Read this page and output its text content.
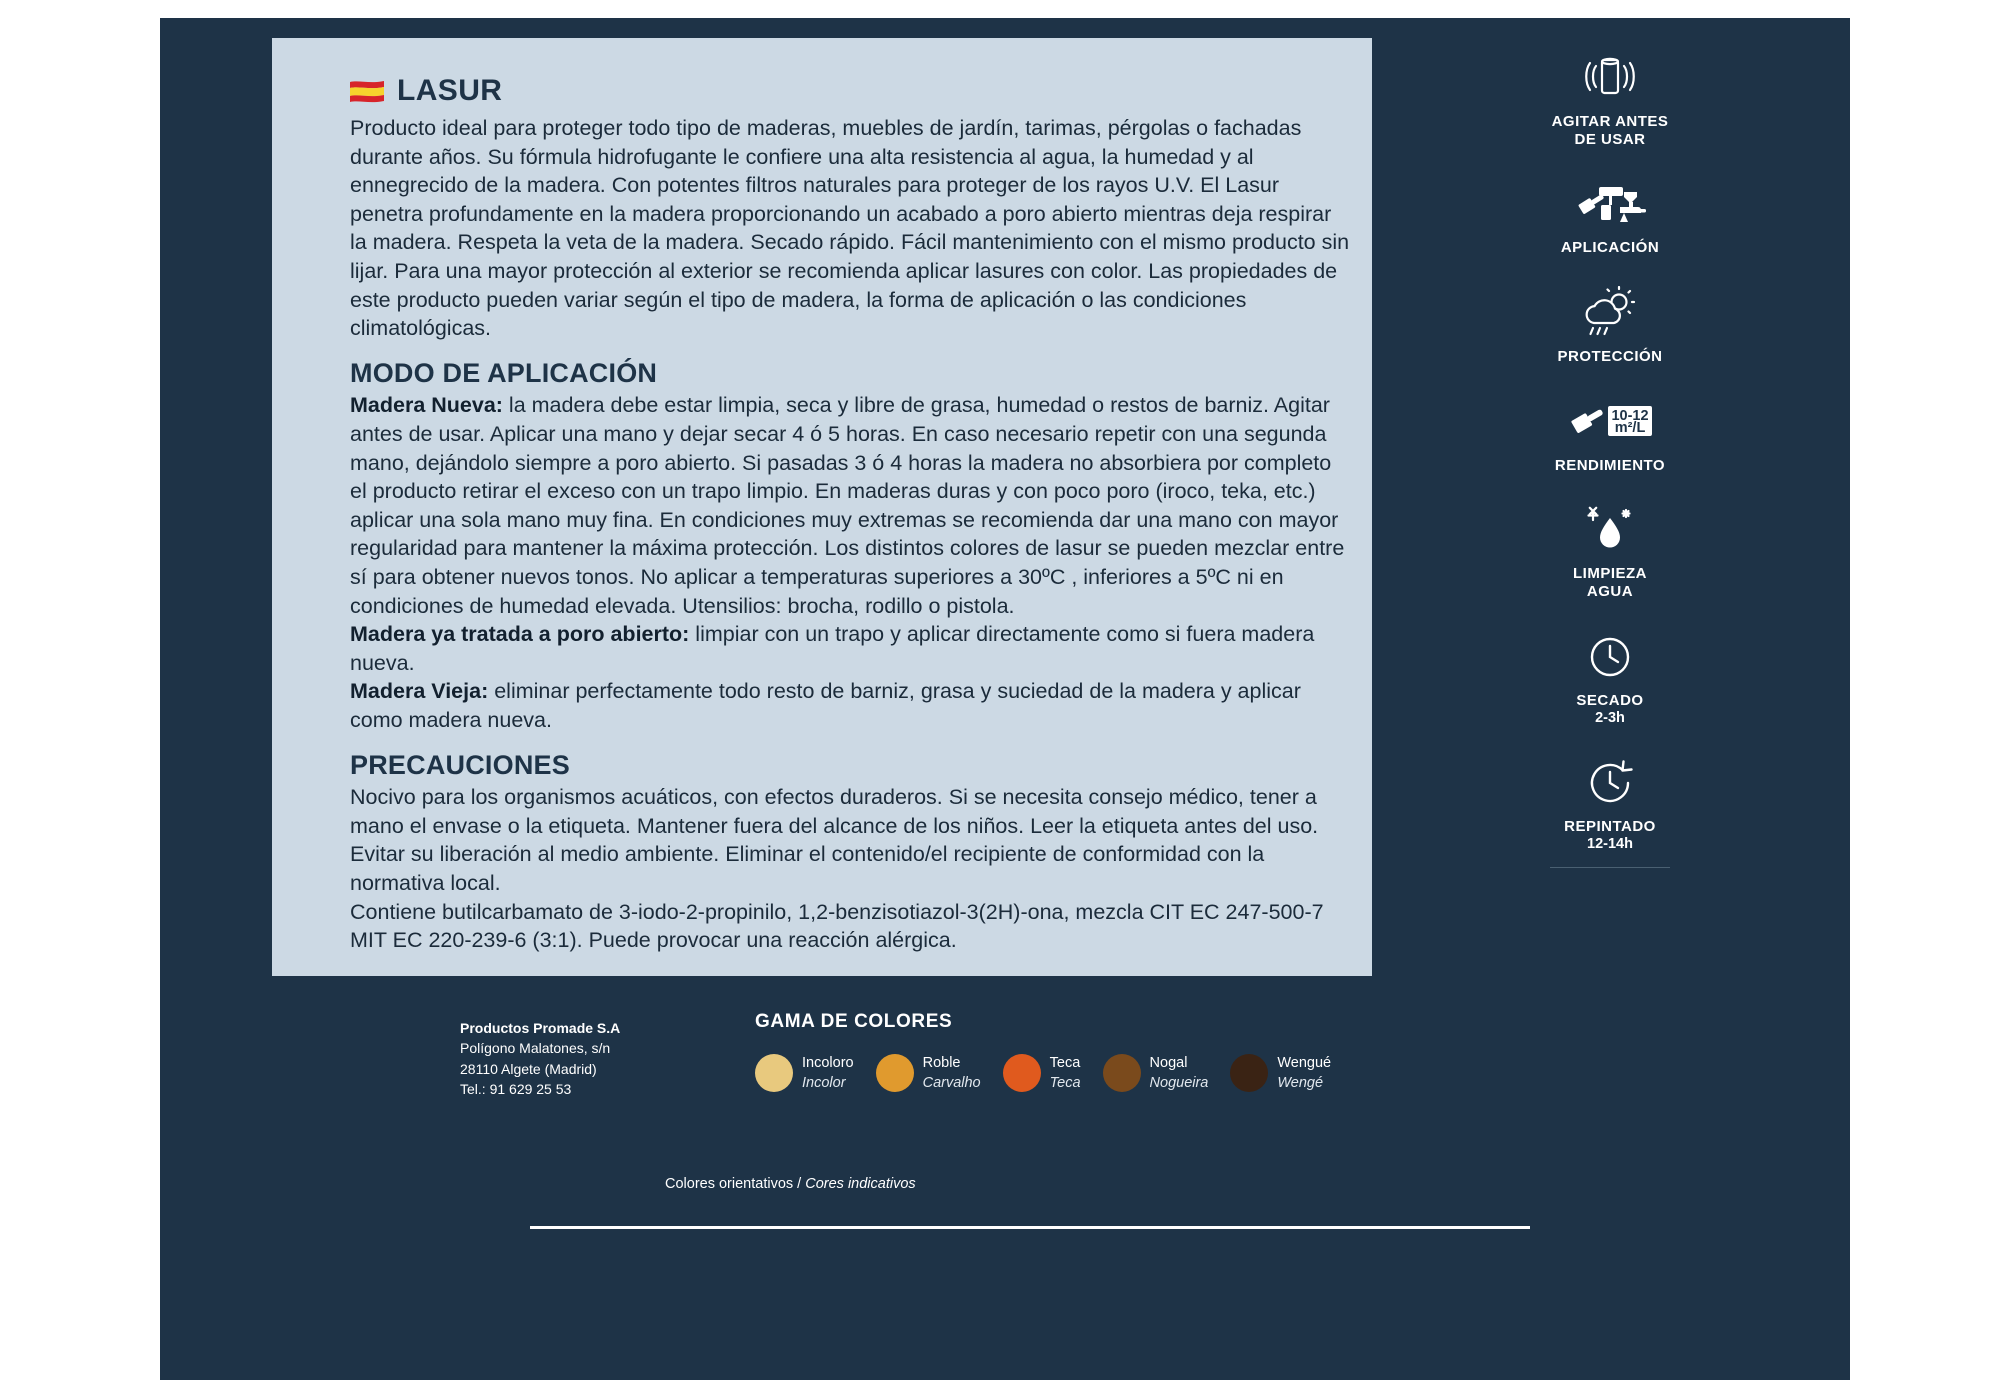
LASUR
Producto ideal para proteger todo tipo de maderas, muebles de jardín, tarimas, pérgolas o fachadas durante años. Su fórmula hidrofugante le confiere una alta resistencia al agua, la humedad y al ennegrecido de la madera. Con potentes filtros naturales para proteger de los rayos U.V. El Lasur penetra profundamente en la madera proporcionando un acabado a poro abierto mientras deja respirar la madera. Respeta la veta de la madera. Secado rápido. Fácil mantenimiento con el mismo producto sin lijar. Para una mayor protección al exterior se recomienda aplicar lasures con color. Las propiedades de este producto pueden variar según el tipo de madera, la forma de aplicación o las condiciones climatológicas.
MODO DE APLICACIÓN
Madera Nueva: la madera debe estar limpia, seca y libre de grasa, humedad o restos de barniz. Agitar antes de usar. Aplicar una mano y dejar secar 4 ó 5 horas. En caso necesario repetir con una segunda mano, dejándolo siempre a poro abierto. Si pasadas 3 ó 4 horas la madera no absorbiera por completo el producto retirar el exceso con un trapo limpio. En maderas duras y con poco poro (iroco, teka, etc.) aplicar una sola mano muy fina. En condiciones muy extremas se recomienda dar una mano con mayor regularidad para mantener la máxima protección. Los distintos colores de lasur se pueden mezclar entre sí para obtener nuevos tonos. No aplicar a temperaturas superiores a 30ºC , inferiores a 5ºC ni en condiciones de humedad elevada. Utensilios: brocha, rodillo o pistola.
Madera ya tratada a poro abierto: limpiar con un trapo y aplicar directamente como si fuera madera nueva.
Madera Vieja: eliminar perfectamente todo resto de barniz, grasa y suciedad de la madera y aplicar como madera nueva.
PRECAUCIONES
Nocivo para los organismos acuáticos, con efectos duraderos. Si se necesita consejo médico, tener a mano el envase o la etiqueta. Mantener fuera del alcance de los niños. Leer la etiqueta antes del uso. Evitar su liberación al medio ambiente. Eliminar el contenido/el recipiente de conformidad con la normativa local.
Contiene butilcarbamato de 3-iodo-2-propinilo, 1,2-benzisotiazol-3(2H)-ona, mezcla CIT EC 247-500-7 MIT EC 220-239-6 (3:1). Puede provocar una reacción alérgica.
AGITAR ANTES
DE USAR
APLICACIÓN
PROTECCIÓN
10-12
m²/L
RENDIMIENTO
LIMPIEZA
AGUA
SECADO
2-3h
REPINTADO
12-14h
Productos Promade S.A
Polígono Malatones, s/n
28110 Algete (Madrid)
Tel.: 91 629 25 53
GAMA DE COLORES
Incoloro
Incolor
Roble
Carvalho
Teca
Teca
Nogal
Nogueira
Wengué
Wengé
Colores orientativos / Cores indicativos
